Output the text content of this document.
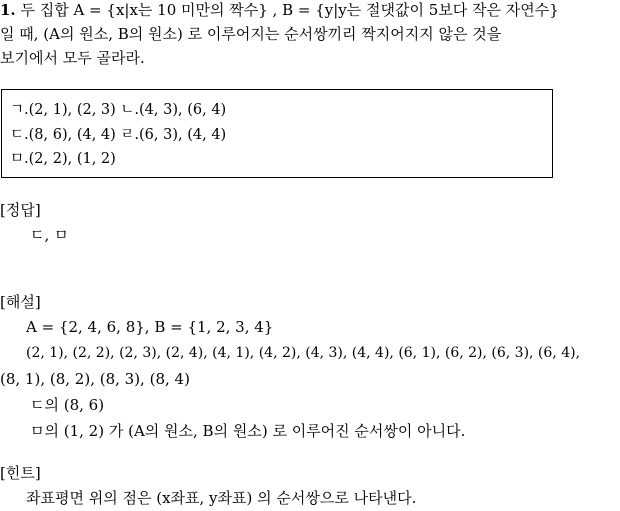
1. 두 집합 A = {x|x는 10 미만의 짝수} , B = {y|y는 절댓값이 5보다 작은 자연수}
일 때, (A의 원소, B의 원소) 로 이루어지는 순서쌍끼리 짝지어지지 않은 것을
보기에서 모두 골라라.
ㄱ.(2, 1), (2, 3) ㄴ.(4, 3), (6, 4)
ㄷ.(8, 6), (4, 4) ㄹ.(6, 3), (4, 4)
ㅁ.(2, 2), (1, 2)
[정답]
ㄷ, ㅁ
[해설]
A = {2, 4, 6, 8}, B = {1, 2, 3, 4}
(2, 1), (2, 2), (2, 3), (2, 4), (4, 1), (4, 2), (4, 3), (4, 4), (6, 1), (6, 2), (6, 3), (6, 4),
(8, 1), (8, 2), (8, 3), (8, 4)
ㄷ의 (8, 6)
ㅁ의 (1, 2) 가 (A의 원소, B의 원소) 로 이루어진 순서쌍이 아니다.
[힌트]
좌표평면 위의 점은 (x좌표, y좌표) 의 순서쌍으로 나타낸다.
